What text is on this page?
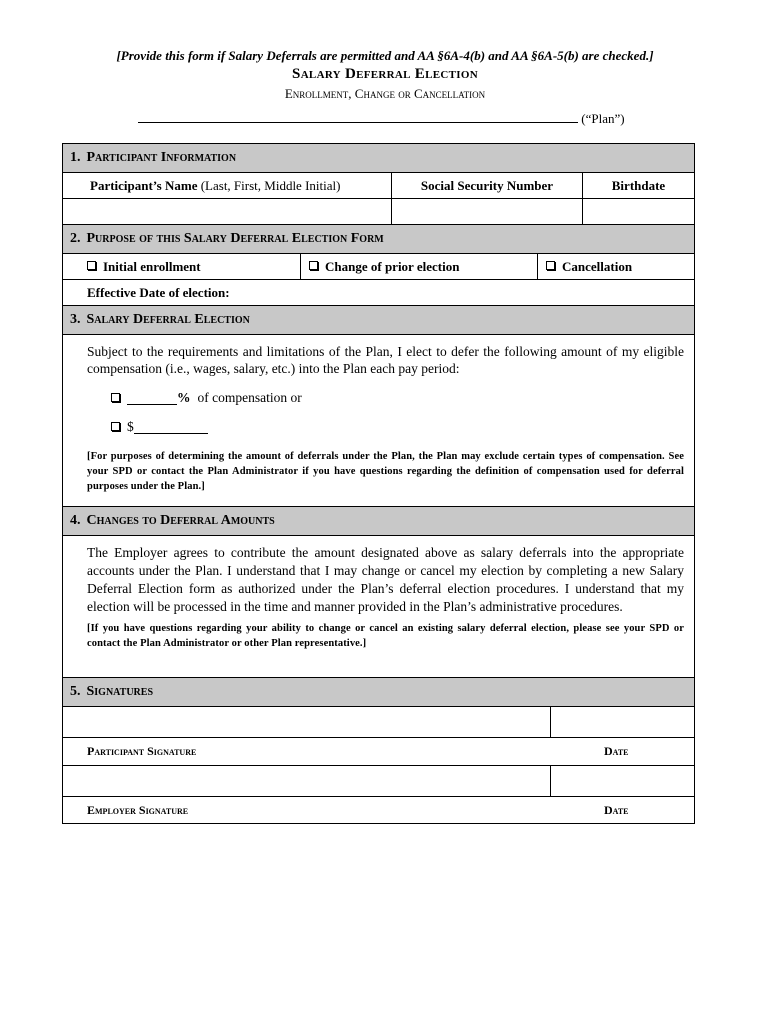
[Provide this form if Salary Deferrals are permitted and AA §6A-4(b) and AA §6A-5(b) are checked.]
Salary Deferral Election
Enrollment, Change or Cancellation
(“Plan”)
1. Participant Information
Participant’s Name (Last, First, Middle Initial)	Social Security Number	Birthdate
2. Purpose of this Salary Deferral Election Form
Initial enrollment	Change of prior election	Cancellation
Effective Date of election:
3. Salary Deferral Election
Subject to the requirements and limitations of the Plan, I elect to defer the following amount of my eligible compensation (i.e., wages, salary, etc.) into the Plan each pay period:
% of compensation or
$
[For purposes of determining the amount of deferrals under the Plan, the Plan may exclude certain types of compensation. See your SPD or contact the Plan Administrator if you have questions regarding the definition of compensation used for deferral purposes under the Plan.]
4. Changes to Deferral Amounts
The Employer agrees to contribute the amount designated above as salary deferrals into the appropriate accounts under the Plan. I understand that I may change or cancel my election by completing a new Salary Deferral Election form as authorized under the Plan’s deferral election procedures. I understand that my election will be processed in the time and manner provided in the Plan’s administrative procedures.
[If you have questions regarding your ability to change or cancel an existing salary deferral election, please see your SPD or contact the Plan Administrator or other Plan representative.]
5. Signatures
Participant Signature	Date
Employer Signature	Date
